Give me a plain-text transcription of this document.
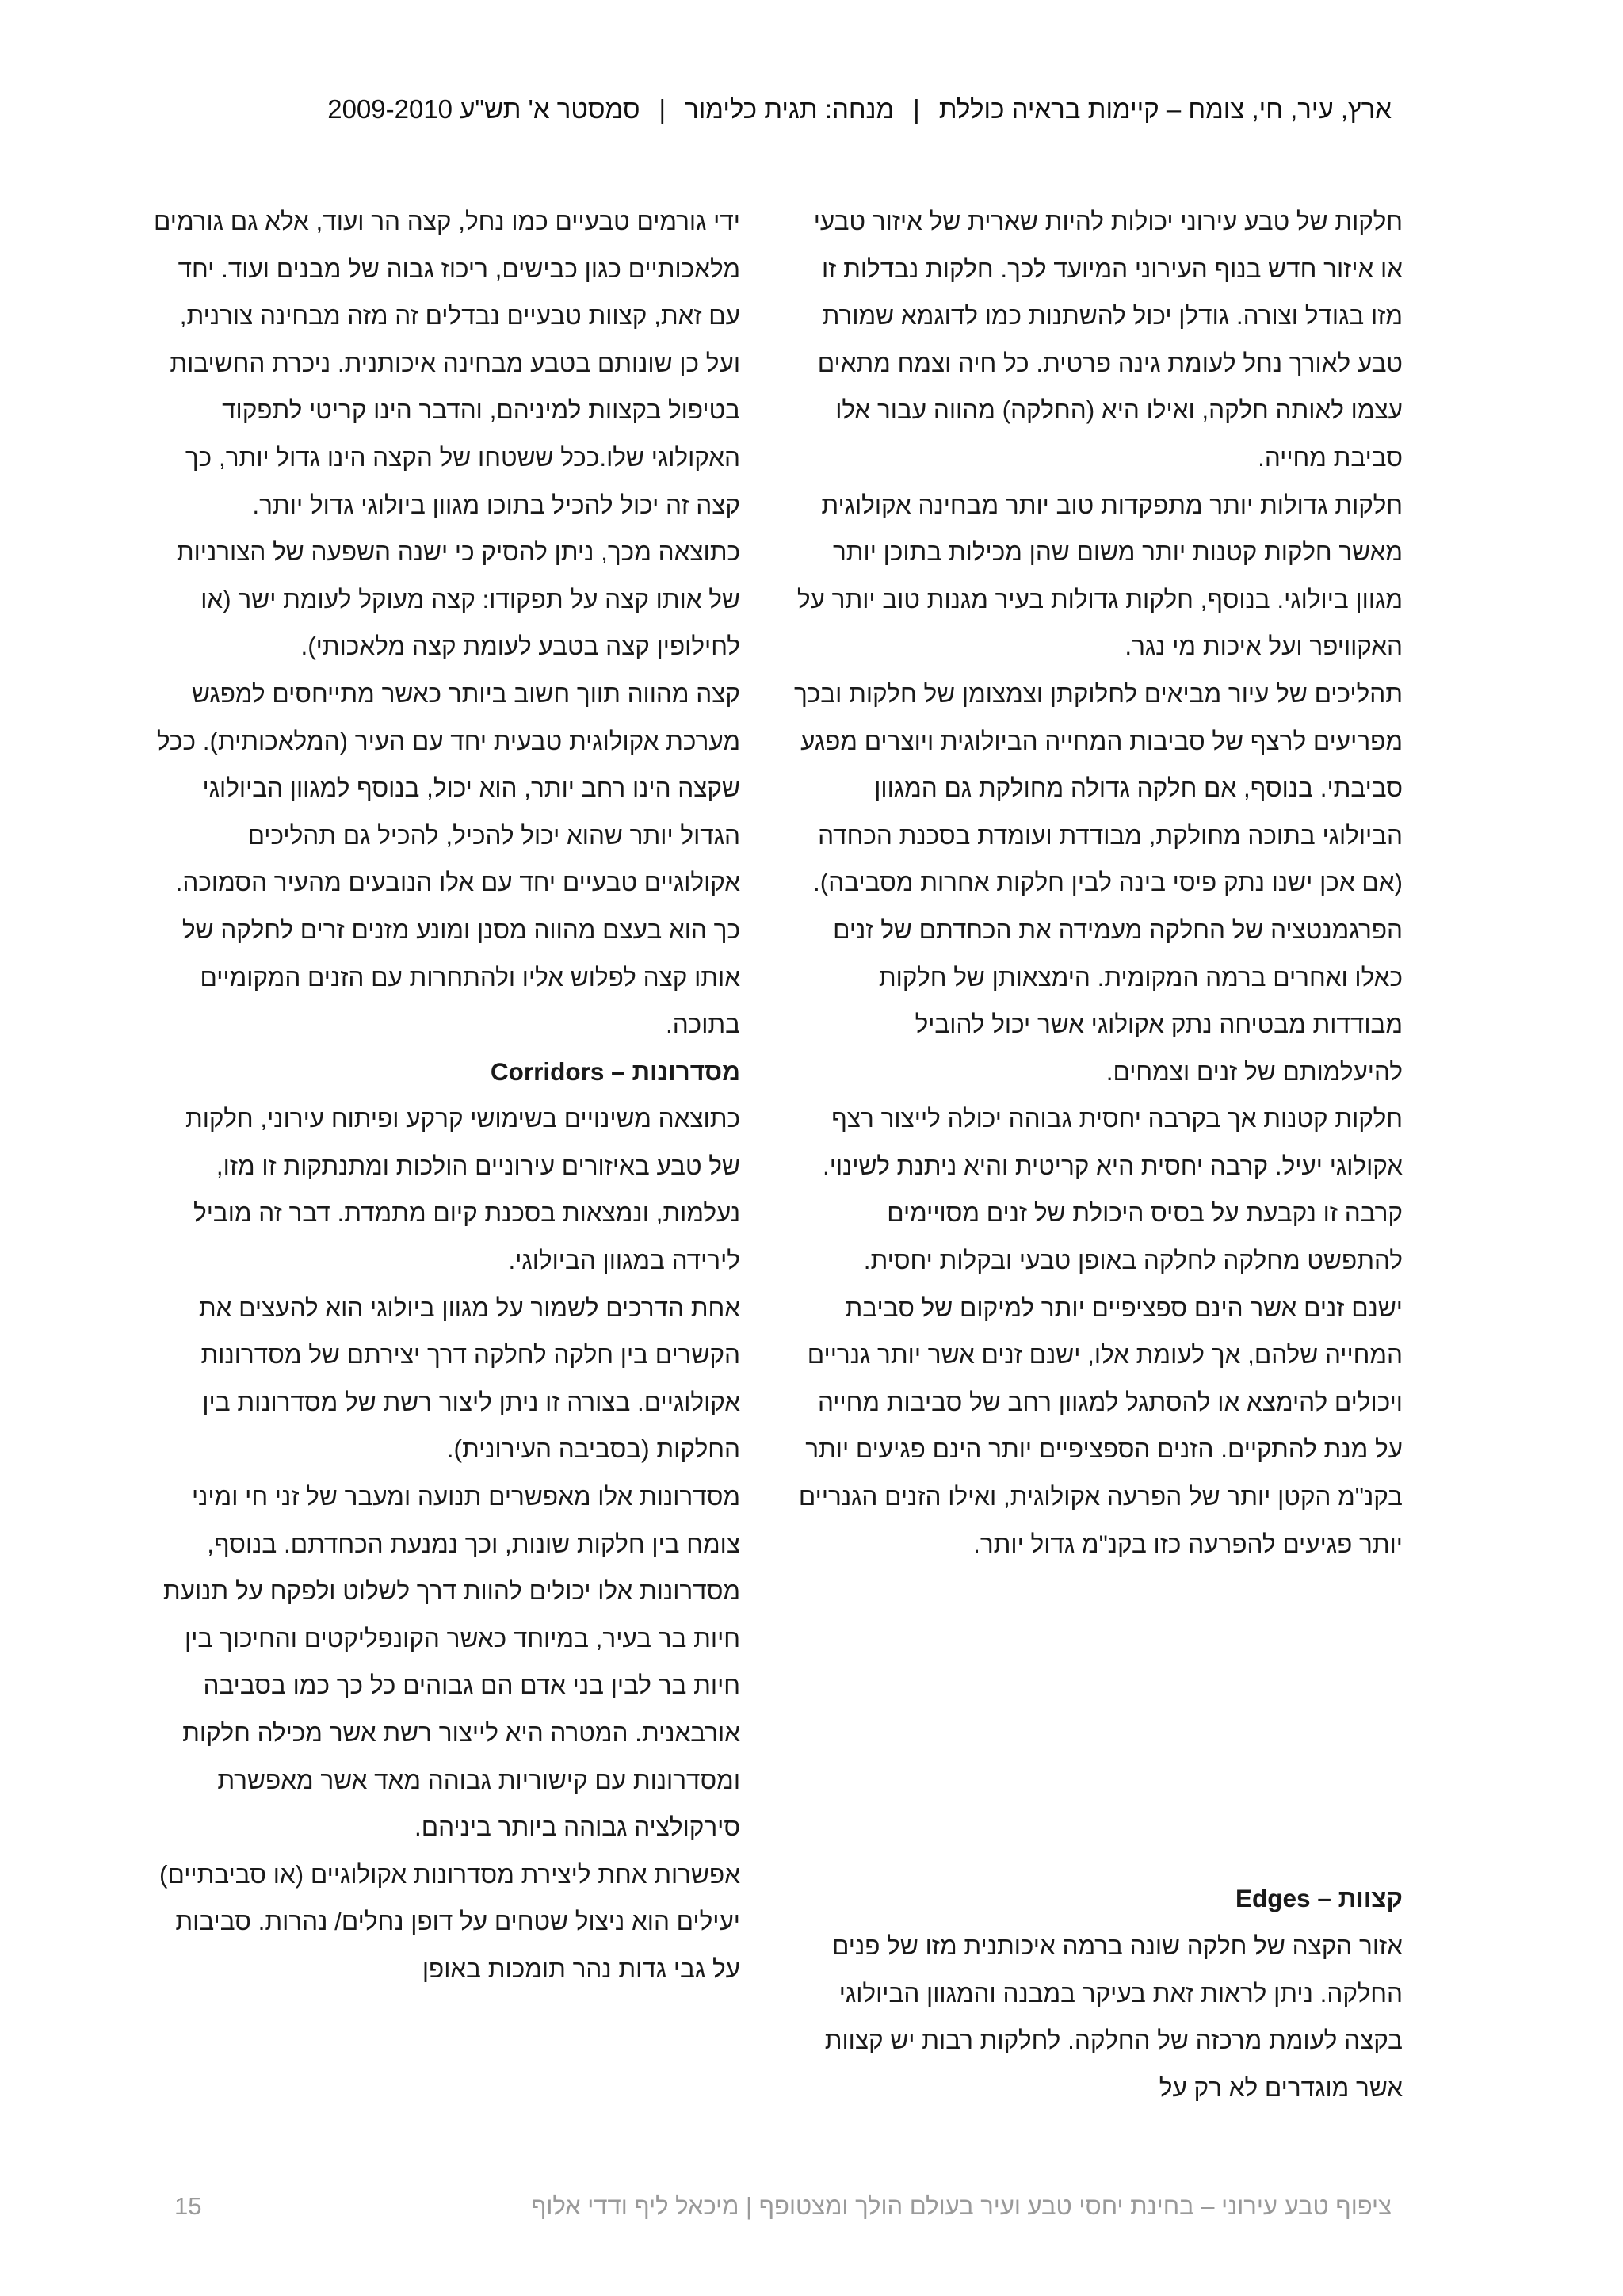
ארץ, עיר, חי, צומח – קיימות בראיה כוללת|מנחה: תגית כלימור|סמסטר א' תש"ע 2009-2010

חלקות של טבע עירוני יכולות להיות שארית של איזור טבעי או איזור חדש בנוף העירוני המיועד לכך. חלקות נבדלות זו מזו בגודל וצורה. גודלן יכול להשתנות כמו לדוגמא שמורת טבע לאורך נחל לעומת גינה פרטית. כל חיה וצמח מתאים עצמו לאותה חלקה, ואילו היא (החלקה) מהווה עבור אלו סביבת מחייה.

חלקות גדולות יותר מתפקדות טוב יותר מבחינה אקולוגית מאשר חלקות קטנות יותר משום שהן מכילות בתוכן יותר מגוון ביולוגי. בנוסף, חלקות גדולות בעיר מגנות טוב יותר על האקוויפר ועל איכות מי נגר.

תהליכים של עיור מביאים לחלוקתן וצמצומן של חלקות ובכך מפריעים לרצף של סביבות המחייה הביולוגית ויוצרים מפגע סביבתי. בנוסף, אם חלקה גדולה מחולקת גם המגוון הביולוגי בתוכה מחולקת, מבודדת ועומדת בסכנת הכחדה (אם אכן ישנו נתק פיסי בינה לבין חלקות אחרות מסביבה).

הפרגמנטציה של החלקה מעמידה את הכחדתם של זנים כאלו ואחרים ברמה המקומית. הימצאותן של חלקות מבודדות מבטיחה נתק אקולוגי אשר יכול להוביל להיעלמותם של זנים וצמחים.

חלקות קטנות אך בקרבה יחסית גבוהה יכולה לייצור רצף אקולוגי יעיל. קרבה יחסית היא קריטית והיא ניתנת לשינוי. קרבה זו נקבעת על בסיס היכולת של זנים מסויימים להתפשט מחלקה לחלקה באופן טבעי ובקלות יחסית.

ישנם זנים אשר הינם ספציפיים יותר למיקום של סביבת המחייה שלהם, אך לעומת אלו, ישנם זנים אשר יותר גנריים ויכולים להימצא או להסתגל למגוון רחב של סביבות מחייה על מנת להתקיים. הזנים הספציפיים יותר הינם פגיעים יותר בקנ"מ הקטן יותר של הפרעה אקולוגית, ואילו הזנים הגנריים יותר פגיעים להפרעה כזו בקנ"מ גדול יותר.

קצוות – Edges

אזור הקצה של חלקה שונה ברמה איכותנית מזו של פנים החלקה. ניתן לראות זאת בעיקר במבנה והמגוון הביולוגי בקצה לעומת מרכזה של החלקה. לחלקות רבות יש קצוות אשר מוגדרים לא רק על

ידי גורמים טבעיים כמו נחל, קצה הר ועוד, אלא גם גורמים מלאכותיים כגון כבישים, ריכוז גבוה של מבנים ועוד. יחד עם זאת, קצוות טבעיים נבדלים זה מזה מבחינה צורנית, ועל כן שונותם בטבע מבחינה איכותנית. ניכרת החשיבות בטיפול בקצוות למיניהם, והדבר הינו קריטי לתפקוד האקולוגי שלו.ככל ששטחו של הקצה הינו גדול יותר, כך קצה זה יכול להכיל בתוכו מגוון ביולוגי גדול יותר.

כתוצאה מכך, ניתן להסיק כי ישנה השפעה של הצורניות של אותו קצה על תפקודו: קצה מעוקל לעומת ישר (או לחילופין קצה בטבע לעומת קצה מלאכותי).

קצה מהווה תווך חשוב ביותר כאשר מתייחסים למפגש מערכת אקולוגית טבעית יחד עם העיר (המלאכותית). ככל שקצה הינו רחב יותר, הוא יכול, בנוסף למגוון הביולוגי הגדול יותר שהוא יכול להכיל, להכיל גם תהליכים אקולוגיים טבעיים יחד עם אלו הנובעים מהעיר הסמוכה. כך הוא בעצם מהווה מסנן ומונע מזנים זרים לחלקה של אותו קצה לפלוש אליו ולהתחרות עם הזנים המקומיים בתוכה.

מסדרונות – Corridors

כתוצאה משינויים בשימושי קרקע ופיתוח עירוני, חלקות של טבע באיזורים עירוניים הולכות ומתנתקות זו מזו, נעלמות, ונמצאות בסכנת קיום מתמדת. דבר זה מוביל לירידה במגוון הביולוגי.

אחת הדרכים לשמור על מגוון ביולוגי הוא להעצים את הקשרים בין חלקה לחלקה דרך יצירתם של מסדרונות אקולוגיים. בצורה זו ניתן ליצור רשת של מסדרונות בין החלקות (בסביבה העירונית).

מסדרונות אלו מאפשרים תנועה ומעבר של זני חי ומיני צומח בין חלקות שונות, וכך נמנעת הכחדתם. בנוסף, מסדרונות אלו יכולים להוות דרך לשלוט ולפקח על תנועת חיות בר בעיר, במיוחד כאשר הקונפליקטים והחיכוך בין חיות בר לבין בני אדם הם גבוהים כל כך כמו בסביבה אורבאנית. המטרה היא לייצור רשת אשר מכילה חלקות ומסדרונות עם קישוריות גבוהה מאד אשר מאפשרת סירקולציה גבוהה ביותר ביניהם.

אפשרות אחת ליצירת מסדרונות אקולוגיים (או סביבתיים) יעילים הוא ניצול שטחים על דופן נחלים/ נהרות. סביבות על גבי גדות נהר תומכות באופן

ציפוף טבע עירוני – בחינת יחסי טבע ועיר בעולם הולך ומצטופף | מיכאל ליף ודדי אלוף
15
